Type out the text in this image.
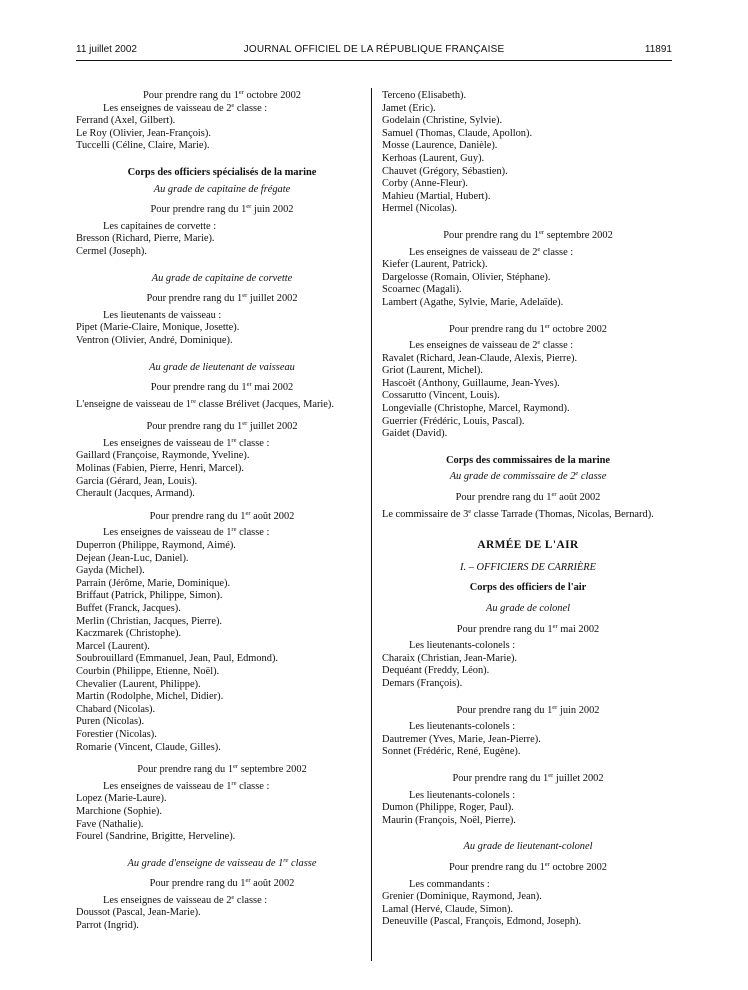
11 juillet 2002	JOURNAL OFFICIEL DE LA RÉPUBLIQUE FRANÇAISE	11891
Pour prendre rang du 1er octobre 2002
Les enseignes de vaisseau de 2e classe :
Ferrand (Axel, Gilbert).
Le Roy (Olivier, Jean-François).
Tuccelli (Céline, Claire, Marie).
Corps des officiers spécialisés de la marine
Au grade de capitaine de frégate
Pour prendre rang du 1er juin 2002
Les capitaines de corvette :
Bresson (Richard, Pierre, Marie).
Cermel (Joseph).
Au grade de capitaine de corvette
Pour prendre rang du 1er juillet 2002
Les lieutenants de vaisseau :
Pipet (Marie-Claire, Monique, Josette).
Ventron (Olivier, André, Dominique).
Au grade de lieutenant de vaisseau
Pour prendre rang du 1er mai 2002
L'enseigne de vaisseau de 1re classe Brélivet (Jacques, Marie).
Pour prendre rang du 1er juillet 2002
Les enseignes de vaisseau de 1re classe :
Gaillard (Françoise, Raymonde, Yveline).
Molinas (Fabien, Pierre, Henri, Marcel).
Garcia (Gérard, Jean, Louis).
Cherault (Jacques, Armand).
Pour prendre rang du 1er août 2002
Les enseignes de vaisseau de 1re classe :
Duperron (Philippe, Raymond, Aimé).
Dejean (Jean-Luc, Daniel).
Gayda (Michel).
Parrain (Jérôme, Marie, Dominique).
Briffaut (Patrick, Philippe, Simon).
Buffet (Franck, Jacques).
Merlin (Christian, Jacques, Pierre).
Kaczmarek (Christophe).
Marcel (Laurent).
Soubrouillard (Emmanuel, Jean, Paul, Edmond).
Courbin (Philippe, Etienne, Noël).
Chevalier (Laurent, Philippe).
Martin (Rodolphe, Michel, Didier).
Chabard (Nicolas).
Puren (Nicolas).
Forestier (Nicolas).
Romarie (Vincent, Claude, Gilles).
Pour prendre rang du 1er septembre 2002
Les enseignes de vaisseau de 1re classe :
Lopez (Marie-Laure).
Marchione (Sophie).
Fave (Nathalie).
Fourel (Sandrine, Brigitte, Herveline).
Au grade d'enseigne de vaisseau de 1re classe
Pour prendre rang du 1er août 2002
Les enseignes de vaisseau de 2e classe :
Doussot (Pascal, Jean-Marie).
Parrot (Ingrid).
Terceno (Elisabeth).
Jamet (Eric).
Godelain (Christine, Sylvie).
Samuel (Thomas, Claude, Apollon).
Mosse (Laurence, Danièle).
Kerhoas (Laurent, Guy).
Chauvet (Grégory, Sébastien).
Corby (Anne-Fleur).
Mahieu (Martial, Hubert).
Hermel (Nicolas).
Pour prendre rang du 1er septembre 2002
Les enseignes de vaisseau de 2e classe :
Kiefer (Laurent, Patrick).
Dargelosse (Romain, Olivier, Stéphane).
Scoarnec (Magali).
Lambert (Agathe, Sylvie, Marie, Adelaïde).
Pour prendre rang du 1er octobre 2002
Les enseignes de vaisseau de 2e classe :
Ravalet (Richard, Jean-Claude, Alexis, Pierre).
Griot (Laurent, Michel).
Hascoët (Anthony, Guillaume, Jean-Yves).
Cossarutto (Vincent, Louis).
Longevialle (Christophe, Marcel, Raymond).
Guerrier (Frédéric, Louis, Pascal).
Gaidet (David).
Corps des commissaires de la marine
Au grade de commissaire de 2e classe
Pour prendre rang du 1er août 2002
Le commissaire de 3e classe Tarrade (Thomas, Nicolas, Bernard).
ARMÉE DE L'AIR
I. – OFFICIERS DE CARRIÈRE
Corps des officiers de l'air
Au grade de colonel
Pour prendre rang du 1er mai 2002
Les lieutenants-colonels :
Charaix (Christian, Jean-Marie).
Dequéant (Freddy, Léon).
Demars (François).
Pour prendre rang du 1er juin 2002
Les lieutenants-colonels :
Dautremer (Yves, Marie, Jean-Pierre).
Sonnet (Frédéric, René, Eugène).
Pour prendre rang du 1er juillet 2002
Les lieutenants-colonels :
Dumon (Philippe, Roger, Paul).
Maurin (François, Noël, Pierre).
Au grade de lieutenant-colonel
Pour prendre rang du 1er octobre 2002
Les commandants :
Grenier (Dominique, Raymond, Jean).
Lamal (Hervé, Claude, Simon).
Deneuville (Pascal, François, Edmond, Joseph).
